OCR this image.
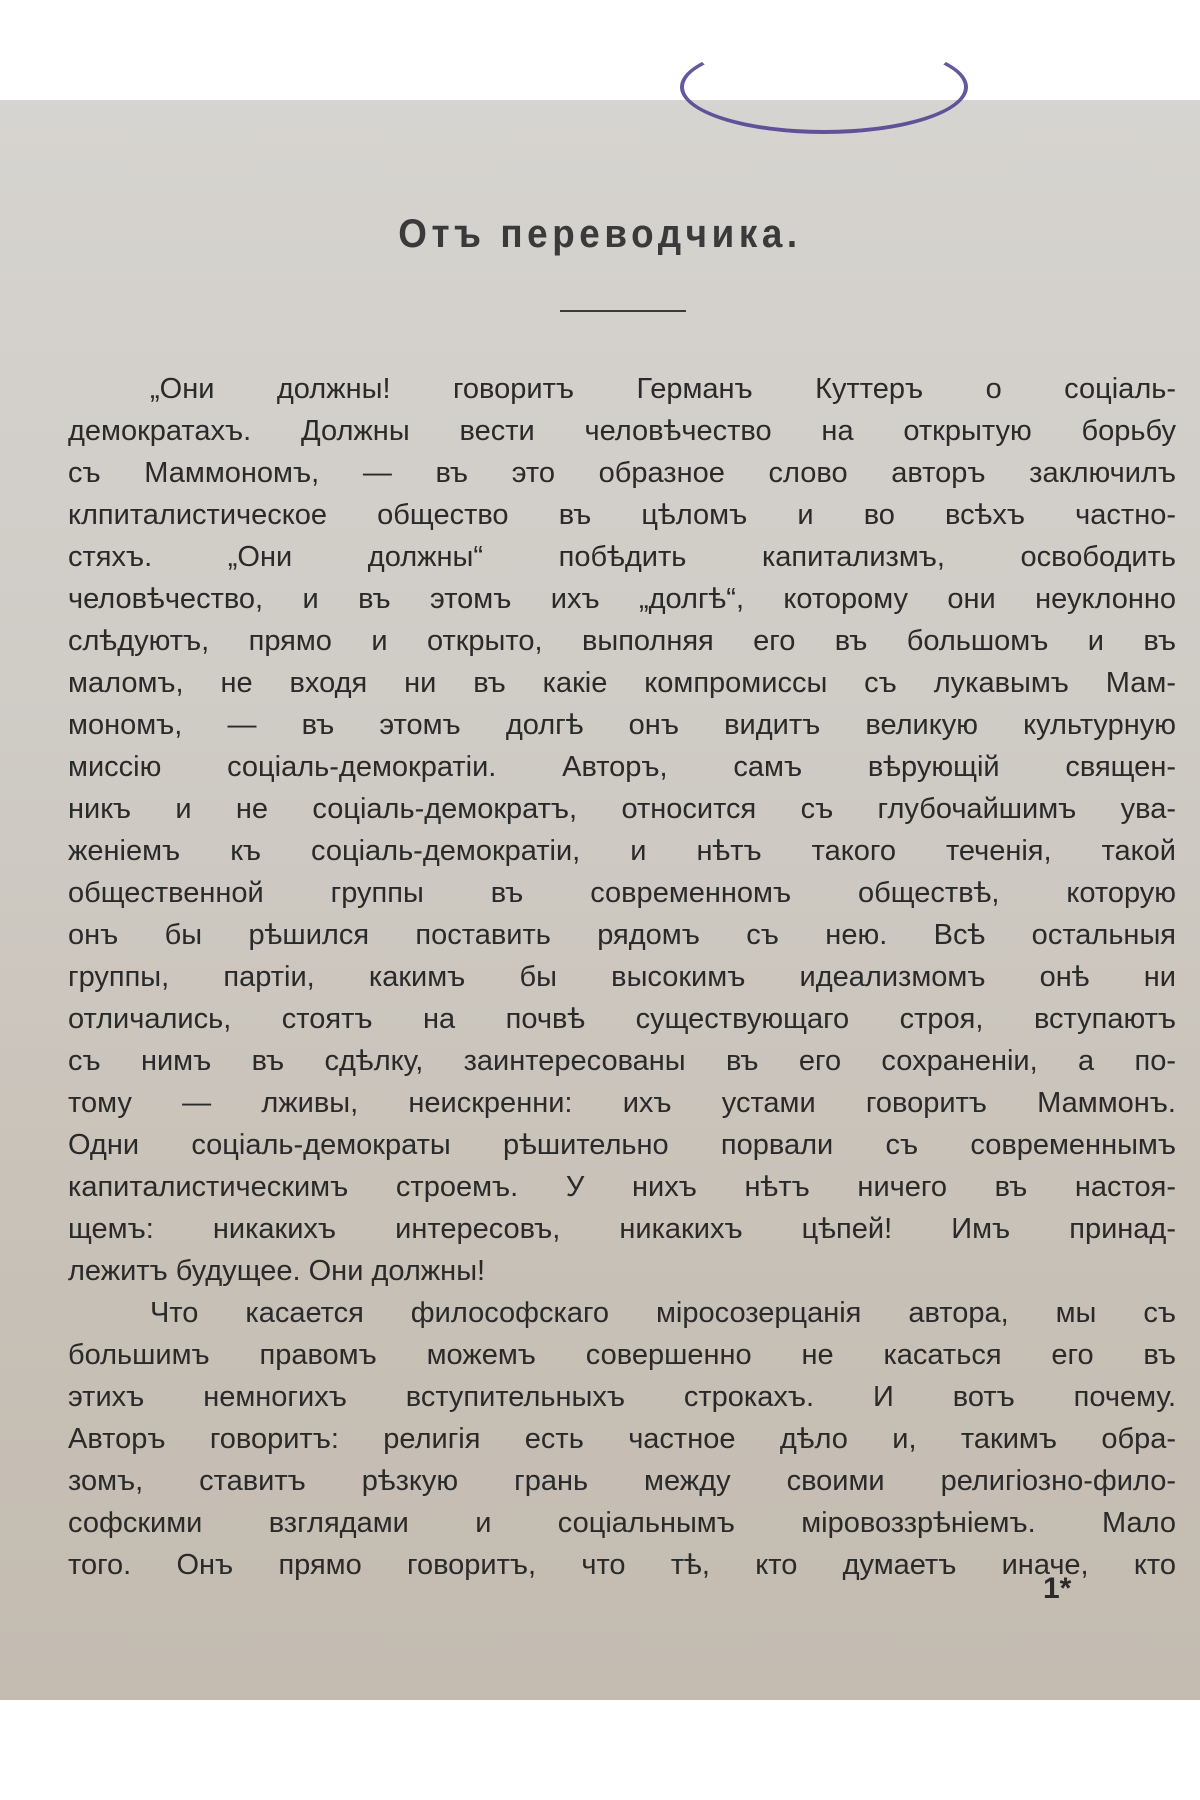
Отъ переводчика.
„Они должны! говоритъ Германъ Куттеръ о соціаль-
демократахъ. Должны вести человѣчество на открытую борьбу
съ Маммономъ, — въ это образное слово авторъ заключилъ
клпиталистическое общество въ цѣломъ и во всѣхъ частно-
стяхъ. „Они должны“ побѣдить капитализмъ, освободить
человѣчество, и въ этомъ ихъ „долгѣ“, которому они неуклонно
слѣдуютъ, прямо и открыто, выполняя его въ большомъ и въ
маломъ, не входя ни въ какіе компромиссы съ лукавымъ Мам-
мономъ, — въ этомъ долгѣ онъ видитъ великую культурную
миссію соціаль-демократіи. Авторъ, самъ вѣрующій священ-
никъ и не соціаль-демократъ, относится съ глубочайшимъ ува-
женіемъ къ соціаль-демократіи, и нѣтъ такого теченія, такой
общественной группы въ современномъ обществѣ, которую
онъ бы рѣшился поставить рядомъ съ нею. Всѣ остальныя
группы, партіи, какимъ бы высокимъ идеализмомъ онѣ ни
отличались, стоятъ на почвѣ существующаго строя, вступаютъ
съ нимъ въ сдѣлку, заинтересованы въ его сохраненіи, а по-
тому — лживы, неискренни: ихъ устами говоритъ Маммонъ.
Одни соціаль-демократы рѣшительно порвали съ современнымъ
капиталистическимъ строемъ. У нихъ нѣтъ ничего въ настоя-
щемъ: никакихъ интересовъ, никакихъ цѣпей! Имъ принад-
лежитъ будущее. Они должны!
Что касается философскаго міросозерцанія автора, мы съ
большимъ правомъ можемъ совершенно не касаться его въ
этихъ немногихъ вступительныхъ строкахъ. И вотъ почему.
Авторъ говоритъ: религія есть частное дѣло и, такимъ обра-
зомъ, ставитъ рѣзкую грань между своими религіозно-фило-
софскими взглядами и соціальнымъ міровоззрѣніемъ. Мало
того. Онъ прямо говоритъ, что тѣ, кто думаетъ иначе, кто
1*
